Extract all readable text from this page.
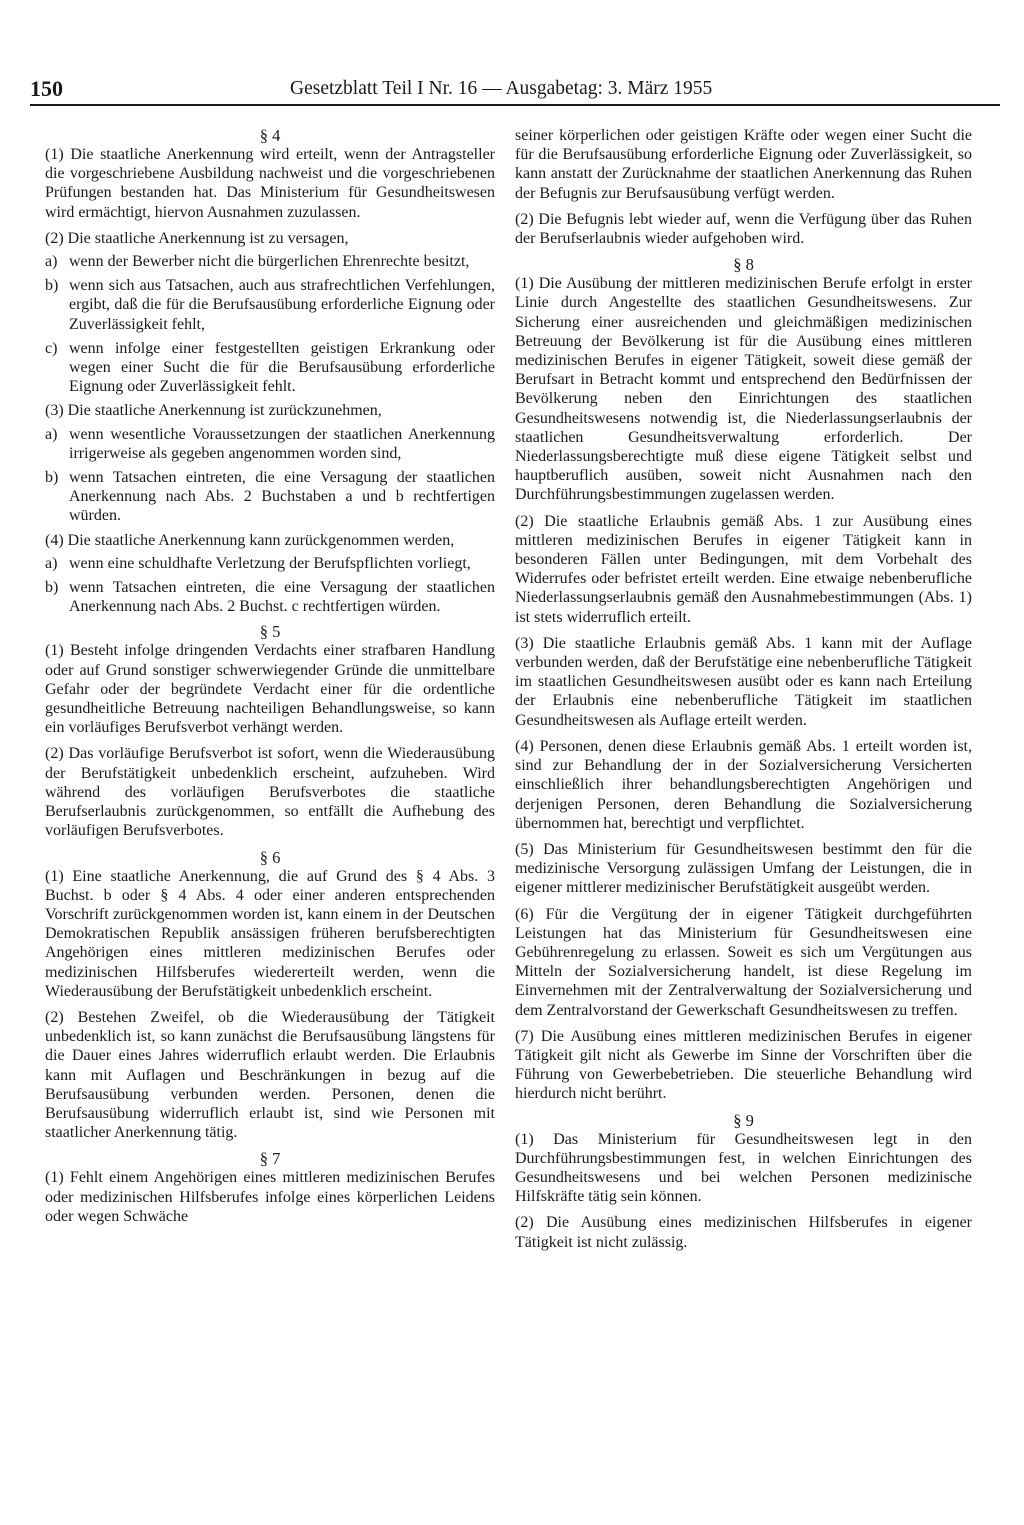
150	Gesetzblatt Teil I Nr. 16 — Ausgabetag: 3. März 1955

§ 4

(1) Die staatliche Anerkennung wird erteilt, wenn der Antragsteller die vorgeschriebene Ausbildung nachweist und die vorgeschriebenen Prüfungen bestanden hat. Das Ministerium für Gesundheitswesen wird ermächtigt, hiervon Ausnahmen zuzulassen.

(2) Die staatliche Anerkennung ist zu versagen,

a) wenn der Bewerber nicht die bürgerlichen Ehrenrechte besitzt,
b) wenn sich aus Tatsachen, auch aus strafrechtlichen Verfehlungen, ergibt, daß die für die Berufsausübung erforderliche Eignung oder Zuverlässigkeit fehlt,
c) wenn infolge einer festgestellten geistigen Erkrankung oder wegen einer Sucht die für die Berufsausübung erforderliche Eignung oder Zuverlässigkeit fehlt.

(3) Die staatliche Anerkennung ist zurückzunehmen,

a) wenn wesentliche Voraussetzungen der staatlichen Anerkennung irrigerweise als gegeben angenommen worden sind,
b) wenn Tatsachen eintreten, die eine Versagung der staatlichen Anerkennung nach Abs. 2 Buchstaben a und b rechtfertigen würden.

(4) Die staatliche Anerkennung kann zurückgenommen werden,

a) wenn eine schuldhafte Verletzung der Berufspflichten vorliegt,
b) wenn Tatsachen eintreten, die eine Versagung der staatlichen Anerkennung nach Abs. 2 Buchst. c rechtfertigen würden.

§ 5

(1) Besteht infolge dringenden Verdachts einer strafbaren Handlung oder auf Grund sonstiger schwerwiegender Gründe die unmittelbare Gefahr oder der begründete Verdacht einer für die ordentliche gesundheitliche Betreuung nachteiligen Behandlungsweise, so kann ein vorläufiges Berufsverbot verhängt werden.

(2) Das vorläufige Berufsverbot ist sofort, wenn die Wiederausübung der Berufstätigkeit unbedenklich erscheint, aufzuheben. Wird während des vorläufigen Berufsverbotes die staatliche Berufserlaubnis zurückgenommen, so entfällt die Aufhebung des vorläufigen Berufsverbotes.

§ 6

(1) Eine staatliche Anerkennung, die auf Grund des § 4 Abs. 3 Buchst. b oder § 4 Abs. 4 oder einer anderen entsprechenden Vorschrift zurückgenommen worden ist, kann einem in der Deutschen Demokratischen Republik ansässigen früheren berufsberechtigten Angehörigen eines mittleren medizinischen Berufes oder medizinischen Hilfsberufes wiedererteilt werden, wenn die Wiederausübung der Berufstätigkeit unbedenklich erscheint.

(2) Bestehen Zweifel, ob die Wiederausübung der Tätigkeit unbedenklich ist, so kann zunächst die Berufsausübung längstens für die Dauer eines Jahres widerruflich erlaubt werden. Die Erlaubnis kann mit Auflagen und Beschränkungen in bezug auf die Berufsausübung verbunden werden. Personen, denen die Berufsausübung widerruflich erlaubt ist, sind wie Personen mit staatlicher Anerkennung tätig.

§ 7

(1) Fehlt einem Angehörigen eines mittleren medizinischen Berufes oder medizinischen Hilfsberufes infolge eines körperlichen Leidens oder wegen Schwäche

seiner körperlichen oder geistigen Kräfte oder wegen einer Sucht die für die Berufsausübung erforderliche Eignung oder Zuverlässigkeit, so kann anstatt der Zurücknahme der staatlichen Anerkennung das Ruhen der Befugnis zur Berufsausübung verfügt werden.

(2) Die Befugnis lebt wieder auf, wenn die Verfügung über das Ruhen der Berufserlaubnis wieder aufgehoben wird.

§ 8

(1) Die Ausübung der mittleren medizinischen Berufe erfolgt in erster Linie durch Angestellte des staatlichen Gesundheitswesens. Zur Sicherung einer ausreichenden und gleichmäßigen medizinischen Betreuung der Bevölkerung ist für die Ausübung eines mittleren medizinischen Berufes in eigener Tätigkeit, soweit diese gemäß der Berufsart in Betracht kommt und entsprechend den Bedürfnissen der Bevölkerung neben den Einrichtungen des staatlichen Gesundheitswesens notwendig ist, die Niederlassungserlaubnis der staatlichen Gesundheitsverwaltung erforderlich. Der Niederlassungsberechtigte muß diese eigene Tätigkeit selbst und hauptberuflich ausüben, soweit nicht Ausnahmen nach den Durchführungsbestimmungen zugelassen werden.

(2) Die staatliche Erlaubnis gemäß Abs. 1 zur Ausübung eines mittleren medizinischen Berufes in eigener Tätigkeit kann in besonderen Fällen unter Bedingungen, mit dem Vorbehalt des Widerrufes oder befristet erteilt werden. Eine etwaige nebenberufliche Niederlassungserlaubnis gemäß den Ausnahmebestimmungen (Abs. 1) ist stets widerruflich erteilt.

(3) Die staatliche Erlaubnis gemäß Abs. 1 kann mit der Auflage verbunden werden, daß der Berufstätige eine nebenberufliche Tätigkeit im staatlichen Gesundheitswesen ausübt oder es kann nach Erteilung der Erlaubnis eine nebenberufliche Tätigkeit im staatlichen Gesundheitswesen als Auflage erteilt werden.

(4) Personen, denen diese Erlaubnis gemäß Abs. 1 erteilt worden ist, sind zur Behandlung der in der Sozialversicherung Versicherten einschließlich ihrer behandlungsberechtigten Angehörigen und derjenigen Personen, deren Behandlung die Sozialversicherung übernommen hat, berechtigt und verpflichtet.

(5) Das Ministerium für Gesundheitswesen bestimmt den für die medizinische Versorgung zulässigen Umfang der Leistungen, die in eigener mittlerer medizinischer Berufstätigkeit ausgeübt werden.

(6) Für die Vergütung der in eigener Tätigkeit durchgeführten Leistungen hat das Ministerium für Gesundheitswesen eine Gebührenregelung zu erlassen. Soweit es sich um Vergütungen aus Mitteln der Sozialversicherung handelt, ist diese Regelung im Einvernehmen mit der Zentralverwaltung der Sozialversicherung und dem Zentralvorstand der Gewerkschaft Gesundheitswesen zu treffen.

(7) Die Ausübung eines mittleren medizinischen Berufes in eigener Tätigkeit gilt nicht als Gewerbe im Sinne der Vorschriften über die Führung von Gewerbebetrieben. Die steuerliche Behandlung wird hierdurch nicht berührt.

§ 9

(1) Das Ministerium für Gesundheitswesen legt in den Durchführungsbestimmungen fest, in welchen Einrichtungen des Gesundheitswesens und bei welchen Personen medizinische Hilfskräfte tätig sein können.

(2) Die Ausübung eines medizinischen Hilfsberufes in eigener Tätigkeit ist nicht zulässig.
